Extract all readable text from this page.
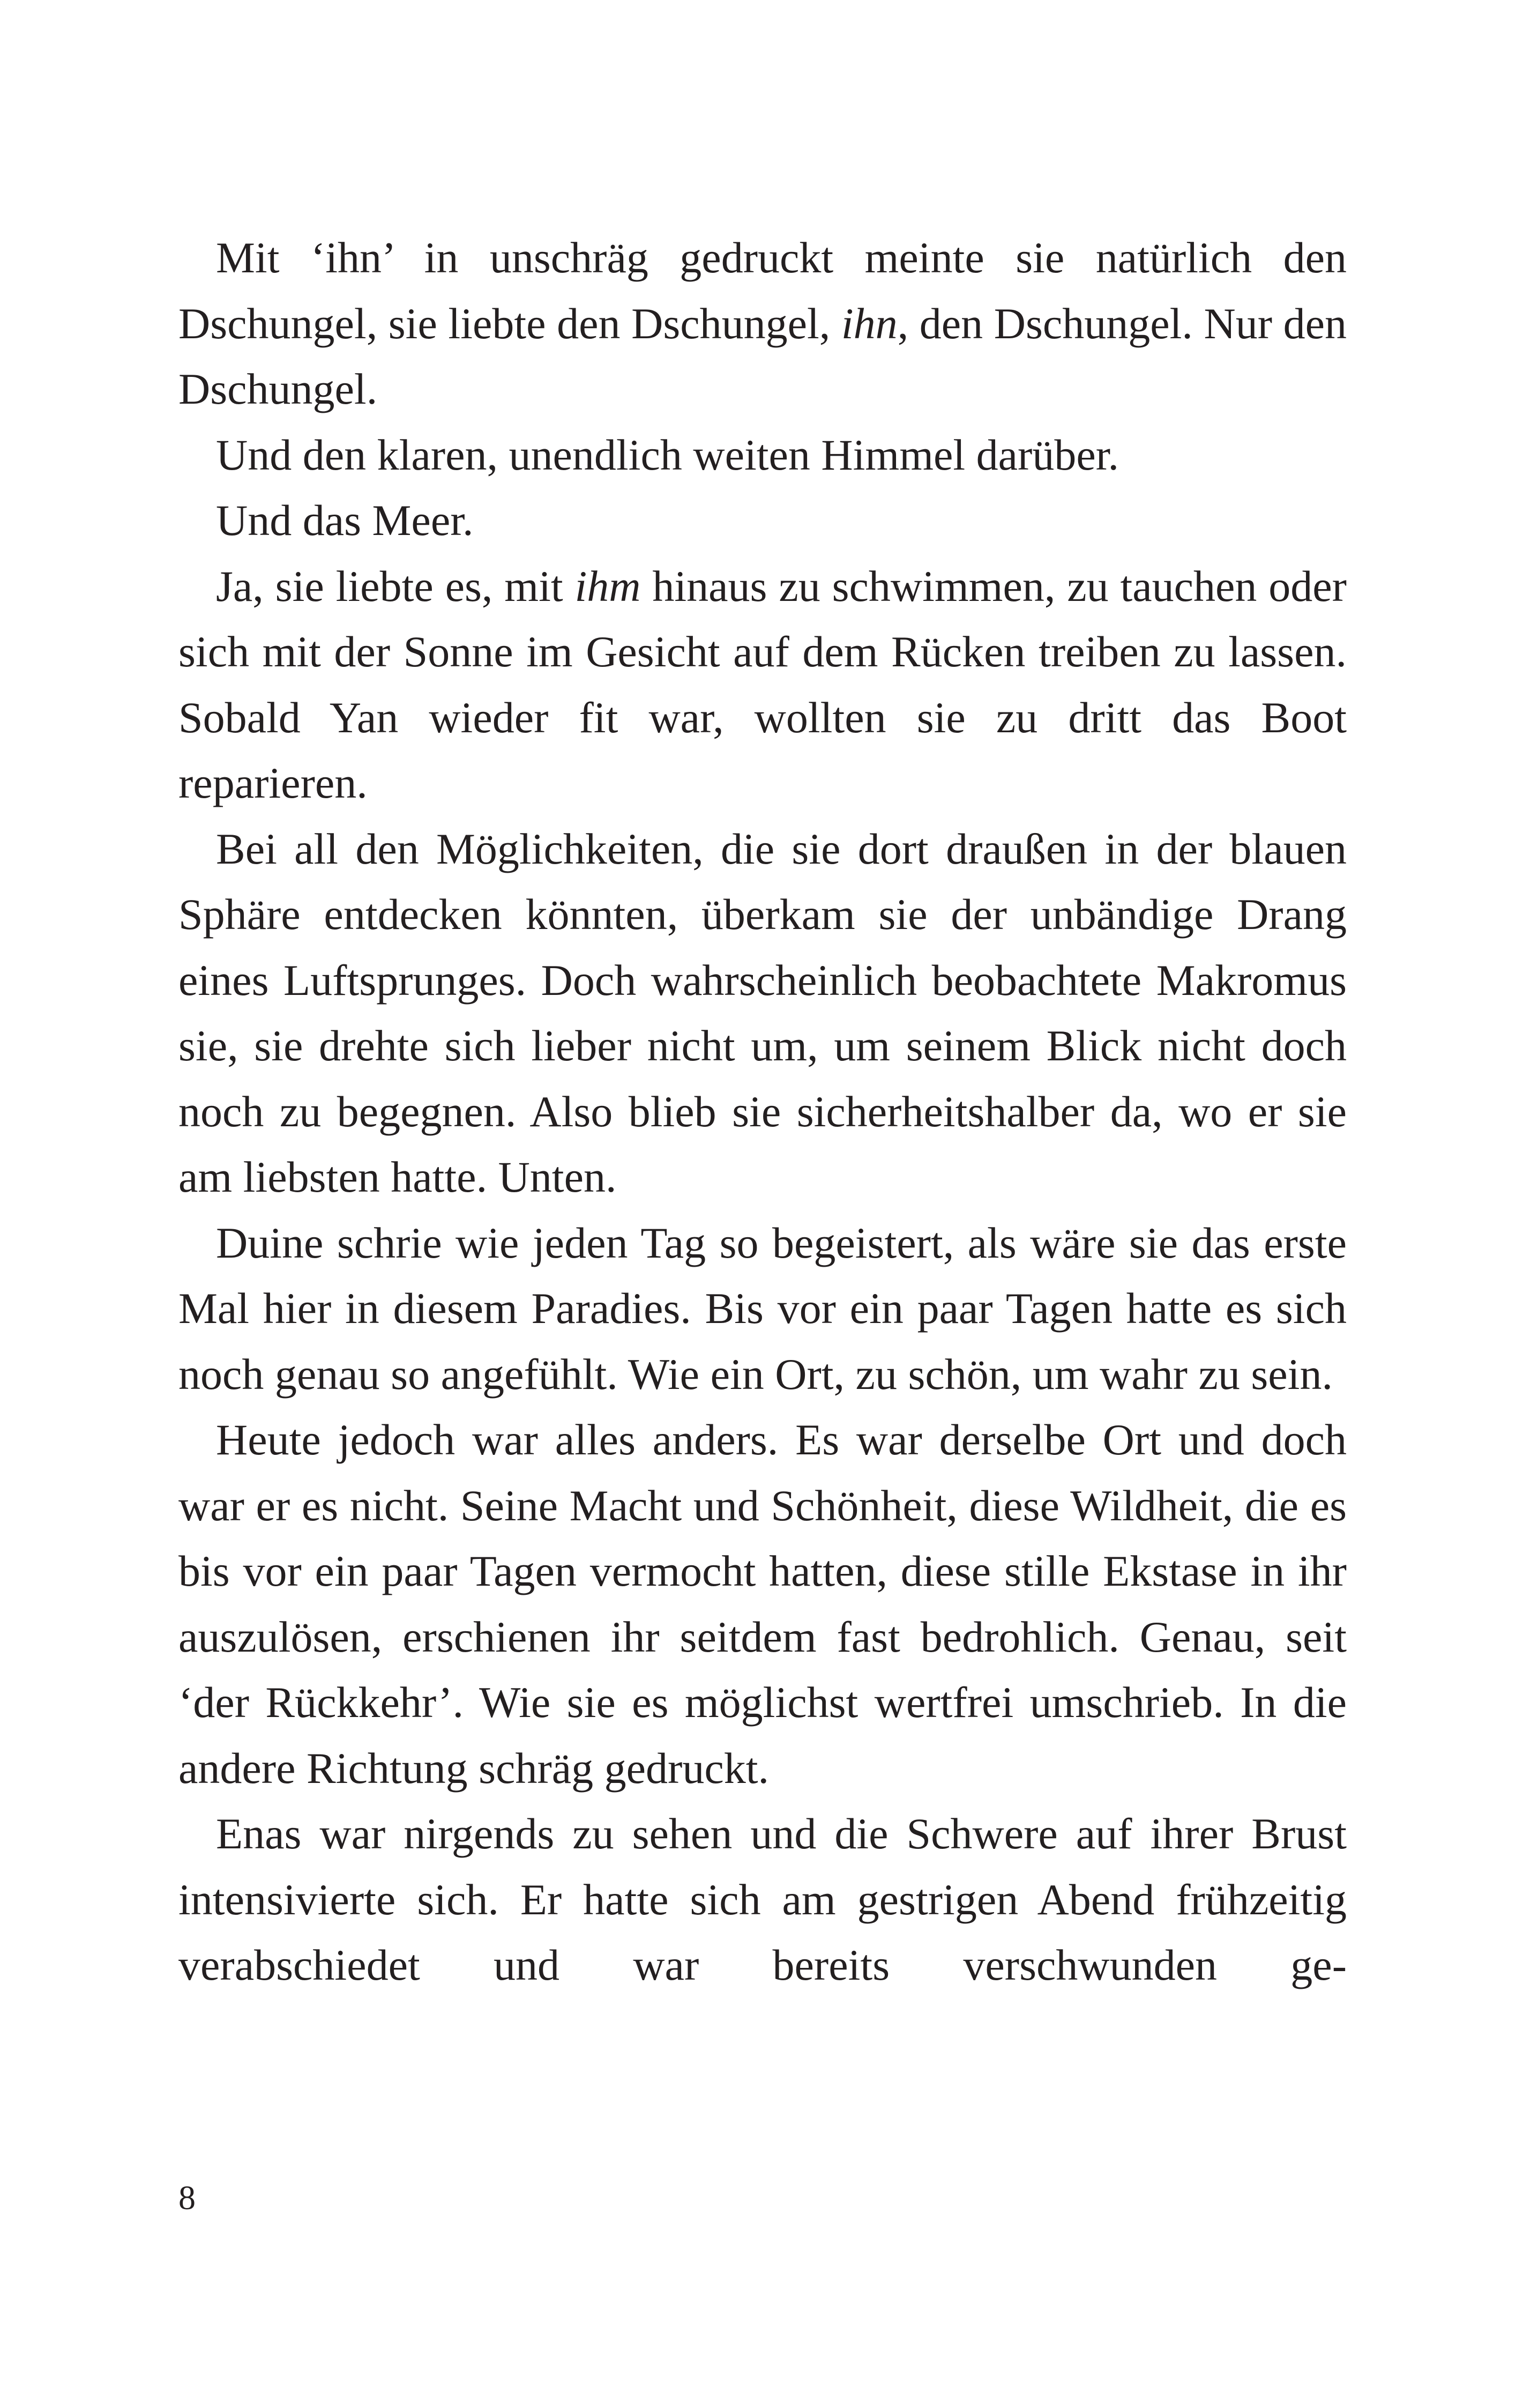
Mit ‘ihn’ in unschräg gedruckt meinte sie natürlich den Dschungel, sie liebte den Dschungel, ihn, den Dschungel. Nur den Dschungel.

Und den klaren, unendlich weiten Himmel darüber.

Und das Meer.

Ja, sie liebte es, mit ihm hinaus zu schwimmen, zu tauchen oder sich mit der Sonne im Gesicht auf dem Rücken treiben zu lassen. Sobald Yan wieder fit war, wollten sie zu dritt das Boot reparieren.

Bei all den Möglichkeiten, die sie dort draußen in der blauen Sphäre entdecken könnten, überkam sie der unbändige Drang eines Luftsprunges. Doch wahrscheinlich beobachtete Makromus sie, sie drehte sich lieber nicht um, um seinem Blick nicht doch noch zu begegnen. Also blieb sie sicherheitshalber da, wo er sie am liebsten hatte. Unten.

Duine schrie wie jeden Tag so begeistert, als wäre sie das erste Mal hier in diesem Paradies. Bis vor ein paar Tagen hatte es sich noch genau so angefühlt. Wie ein Ort, zu schön, um wahr zu sein.

Heute jedoch war alles anders. Es war derselbe Ort und doch war er es nicht. Seine Macht und Schönheit, diese Wildheit, die es bis vor ein paar Tagen vermocht hatten, diese stille Ekstase in ihr auszulösen, erschienen ihr seitdem fast bedrohlich. Genau, seit ‘der Rückkehr’. Wie sie es möglichst wertfrei umschrieb. In die andere Richtung schräg gedruckt.

Enas war nirgends zu sehen und die Schwere auf ihrer Brust intensivierte sich. Er hatte sich am gestrigen Abend frühzeitig verabschiedet und war bereits verschwunden ge-

8
